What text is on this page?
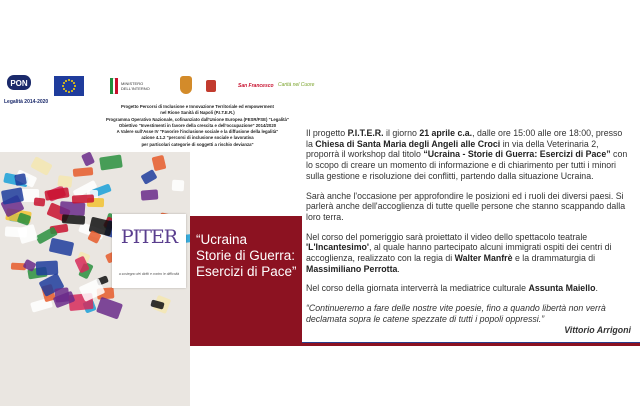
PON
Legalità 2014-2020
MINISTERO DELL'INTERNO	San Francesco Carità nel Cuore
Progetto Percorsi di Inclusione e Innovazione Territoriale ed empowerment
nel Rione Sanità di Napoli (P.I.T.E.R.)
Programma Operativo Nazionale, cofinanziato dall'Unione Europea (FESR/FSE) "Legalità"
Obiettivo "Investimenti in favore della crescita e dell'occupazione" 2014/2020
A Valere sull'Asse IV "Favorire l'inclusione sociale e la diffusione della legalità"
azione 4.1.2 "percorsi di inclusione sociale e lavorativa
per particolari categorie di soggetti a rischio devianza"
PITER
a sostegno dei diritti e contro le difficoltà
“Ucraina
Storie di Guerra:
Esercizi di Pace”

Il progetto P.I.T.E.R. il giorno 21 aprile c.a., dalle ore 15:00 alle ore 18:00, presso la Chiesa di Santa Maria degli Angeli alle Croci in via della Veterinaria 2, proporrà il workshop dal titolo “Ucraina - Storie di Guerra: Esercizi di Pace” con lo scopo di creare un momento di informazione e di chiarimento per tutti i minori sulla gestione e risoluzione dei conflitti, partendo dalla situazione Ucraina.

Sarà anche l'occasione per approfondire le posizioni ed i ruoli dei diversi paesi. Si parlerà anche dell'accoglienza di tutte quelle persone che stanno scappando dalla loro terra.

Nel corso del pomeriggio sarà proiettato il video dello spettacolo teatrale 'L'Incantesimo', al quale hanno partecipato alcuni immigrati ospiti dei centri di accoglienza, realizzato con la regia di Walter Manfrè e la drammaturgia di Massimiliano Perrotta.

Nel corso della giornata interverrà la mediatrice culturale Assunta Maiello.

“Continueremo a fare delle nostre vite poesie, fino a quando libertà non verrà declamata sopra le catene spezzate di tutti i popoli oppressi.”
Vittorio Arrigoni
